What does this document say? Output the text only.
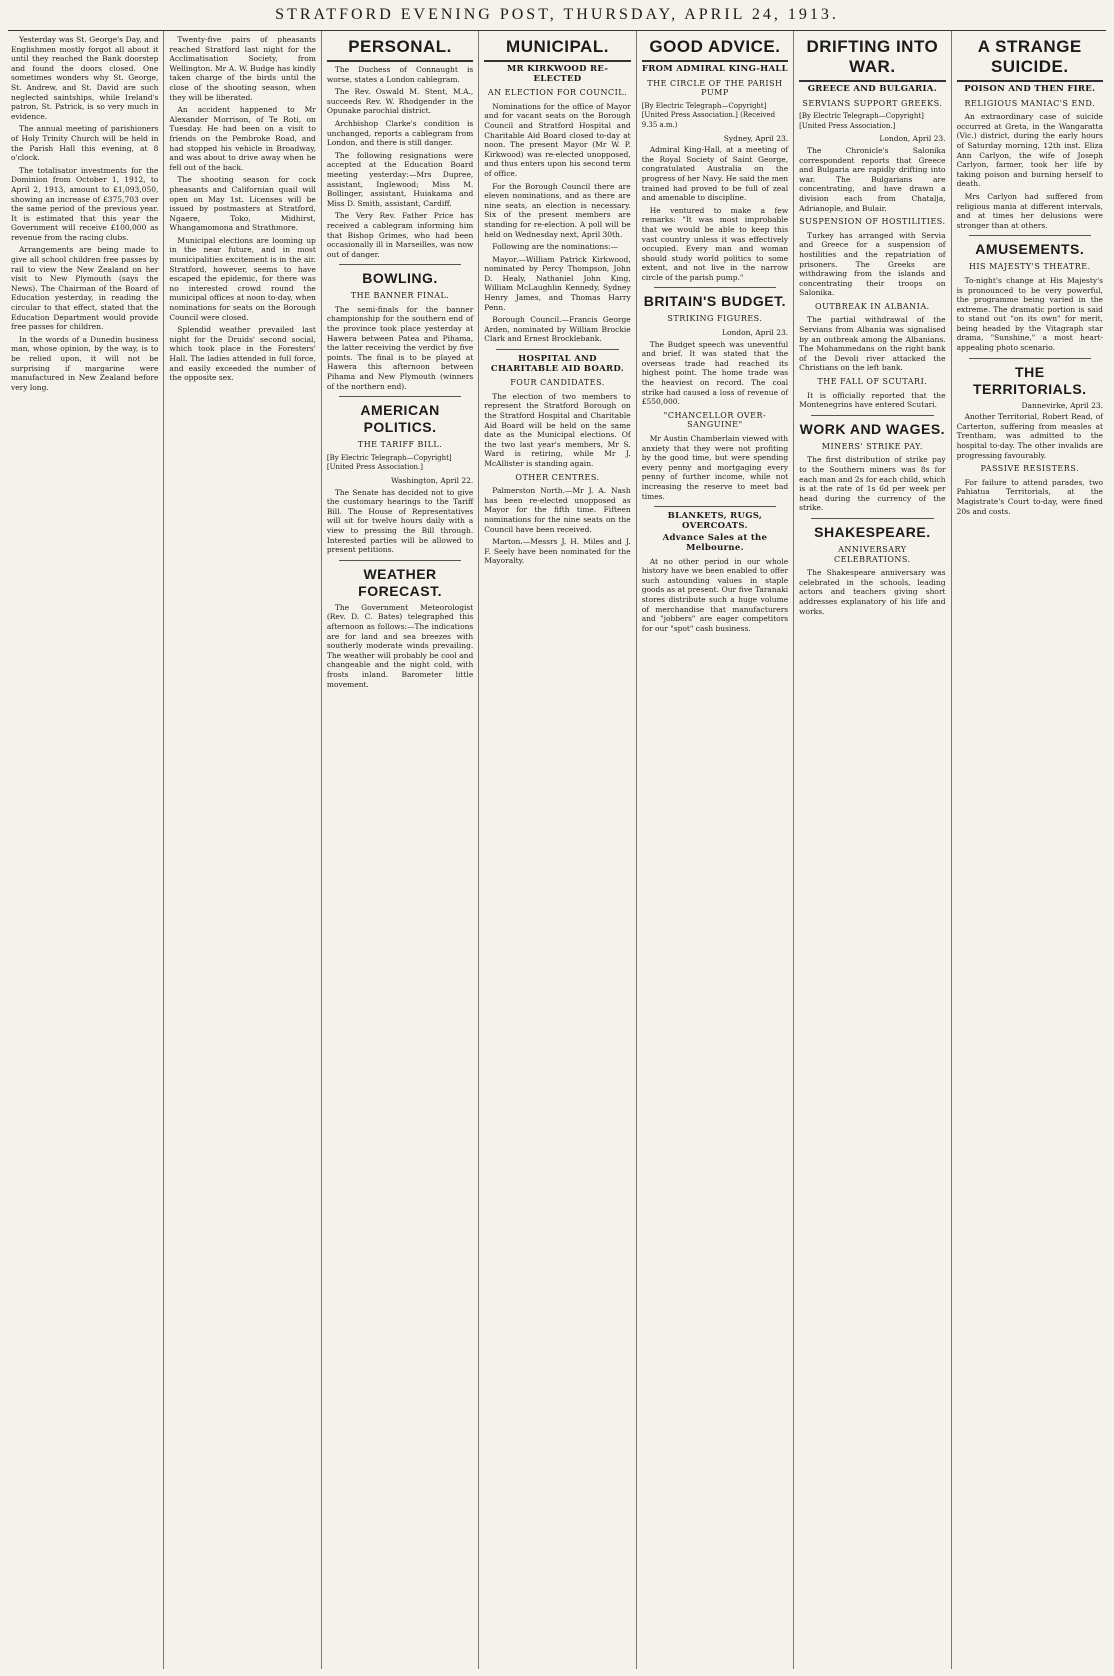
STRATFORD EVENING POST, THURSDAY, APRIL 24, 1913.

Yesterday was St. George's Day, and Englishmen mostly forgot all about it until they reached the Bank doorstep and found the doors closed. One sometimes wonders why St. George, St. Andrew, and St. David are such neglected saintships, while Ireland's patron, St. Patrick, is so very much in evidence.

The annual meeting of parishioners of Holy Trinity Church will be held in the Parish Hall this evening, at 8 o'clock.

The totalisator investments for the Dominion from October 1, 1912, to April 2, 1913, amount to £1,093,050, showing an increase of £375,703 over the same period of the previous year. It is estimated that this year the Government will receive £100,000 as revenue from the racing clubs.

Arrangements are being made to give all school children free passes by rail to view the New Zealand on her visit to New Plymouth (says the News). The Chairman of the Board of Education yesterday, in reading the circular to that effect, stated that the Education Department would provide free passes for children.

In the words of a Dunedin business man, whose opinion, by the way, is to be relied upon, it will not be surprising if margarine were manufactured in New Zealand before very long.

Twenty-five pairs of pheasants reached Stratford last night for the Acclimatisation Society, from Wellington. Mr A. W. Budge has kindly taken charge of the birds until the close of the shooting season, when they will be liberated.

An accident happened to Mr Alexander Morrison, of Te Roti, on Tuesday. He had been on a visit to friends on the Pembroke Road, and had stopped his vehicle in Broadway, and was about to drive away when he fell out of the back.

The shooting season for cock pheasants and Californian quail will open on May 1st. Licenses will be issued by postmasters at Stratford, Ngaere, Toko, Midhirst, Whangamomona and Strathmore.

Municipal elections are looming up in the near future, and in most municipalities excitement is in the air. Stratford, however, seems to have escaped the epidemic, for there was no interested crowd round the municipal offices at noon to-day, when nominations for seats on the Borough Council were closed.

Splendid weather prevailed last night for the Druids' second social, which took place in the Foresters' Hall. The ladies attended in full force, and easily exceeded the number of the opposite sex.

PERSONAL.

The Duchess of Connaught is worse, states a London cablegram.

The Rev. Oswald M. Stent, M.A., succeeds Rev. W. Rhodgender in the Opunake parochial district.

Archbishop Clarke's condition is unchanged, reports a cablegram from London, and there is still danger.

The following resignations were accepted at the Education Board meeting yesterday:—Mrs Dupree, assistant, Inglewood; Miss M. Bollinger, assistant, Huiakama and Miss D. Smith, assistant, Cardiff.

The Very Rev. Father Price has received a cablegram informing him that Bishop Grimes, who had been occasionally ill in Marseilles, was now out of danger.

BOWLING.
THE BANNER FINAL.

The semi-finals for the banner championship for the southern end of the province took place yesterday at Hawera between Patea and Pihama, the latter receiving the verdict by five points. The final is to be played at Hawera this afternoon between Pihama and New Plymouth (winners of the northern end).

AMERICAN POLITICS.
THE TARIFF BILL.

[By Electric Telegraph—Copyright] [United Press Association.]

Washington, April 22.

The Senate has decided not to give the customary hearings to the Tariff Bill. The House of Representatives will sit for twelve hours daily with a view to pressing the Bill through. Interested parties will be allowed to present petitions.

WEATHER FORECAST.

The Government Meteorologist (Rev. D. C. Bates) telegraphed this afternoon as follows:—The indications are for land and sea breezes with southerly moderate winds prevailing. The weather will probably be cool and changeable and the night cold, with frosts inland. Barometer little movement.

MUNICIPAL.
MR KIRKWOOD RE-ELECTED
AN ELECTION FOR COUNCIL.

Nominations for the office of Mayor and for vacant seats on the Borough Council and Stratford Hospital and Charitable Aid Board closed to-day at noon. The present Mayor (Mr W. P. Kirkwood) was re-elected unopposed, and thus enters upon his second term of office.

For the Borough Council there are eleven nominations, and as there are nine seats, an election is necessary. Six of the present members are standing for re-election. A poll will be held on Wednesday next, April 30th.

Following are the nominations:—

Mayor.—William Patrick Kirkwood, nominated by Percy Thompson, John D. Healy, Nathaniel John King, William McLaughlin Kennedy, Sydney Henry James, and Thomas Harry Penn.

Borough Council.—Francis George Arden, nominated by William Brockie Clark and Ernest Brocklebank.

HOSPITAL AND CHARITABLE AID BOARD.
FOUR CANDIDATES.

The election of two members to represent the Stratford Borough on the Stratford Hospital and Charitable Aid Board will be held on the same date as the Municipal elections. Of the two last year's members, Mr S. Ward is retiring, while Mr J. McAllister is standing again.

OTHER CENTRES.

Palmerston North.—Mr J. A. Nash has been re-elected unopposed as Mayor for the fifth time. Fifteen nominations for the nine seats on the Council have been received.

Marton.—Messrs J. H. Miles and J. F. Seely have been nominated for the Mayoralty.

GOOD ADVICE.
FROM ADMIRAL KING-HALL
THE CIRCLE OF THE PARISH PUMP

[By Electric Telegraph—Copyright] [United Press Association.] (Received 9.35 a.m.)

Sydney, April 23.

Admiral King-Hall, at a meeting of the Royal Society of Saint George, congratulated Australia on the progress of her Navy. He said the men trained had proved to be full of zeal and amenable to discipline.

He ventured to make a few remarks: "It was most improbable that we would be able to keep this vast country unless it was effectively occupied. Every man and woman should study world politics to some extent, and not live in the narrow circle of the parish pump."

BRITAIN'S BUDGET.
STRIKING FIGURES.
London, April 23.

The Budget speech was uneventful and brief. It was stated that the overseas trade had reached its highest point. The home trade was the heaviest on record. The coal strike had caused a loss of revenue of £550,000.

"CHANCELLOR OVER-SANGUINE"

Mr Austin Chamberlain viewed with anxiety that they were not profiting by the good time, but were spending every penny and mortgaging every penny of further income, while not increasing the reserve to meet bad times.

BLANKETS, RUGS, OVERCOATS.
Advance Sales at the Melbourne.

At no other period in our whole history have we been enabled to offer such astounding values in staple goods as at present. Our five Taranaki stores distribute such a huge volume of merchandise that manufacturers and "jobbers" are eager competitors for our "spot" cash business.

DRIFTING INTO WAR.
GREECE AND BULGARIA.
SERVIANS SUPPORT GREEKS.

[By Electric Telegraph—Copyright] [United Press Association.]

London, April 23.

The Chronicle's Salonika correspondent reports that Greece and Bulgaria are rapidly drifting into war. The Bulgarians are concentrating, and have drawn a division each from Chatalja, Adrianople, and Bulair.

SUSPENSION OF HOSTILITIES.

Turkey has arranged with Servia and Greece for a suspension of hostilities and the repatriation of prisoners. The Greeks are withdrawing from the islands and concentrating their troops on Salonika.

OUTBREAK IN ALBANIA.

The partial withdrawal of the Servians from Albania was signalised by an outbreak among the Albanians. The Mohammedans on the right bank of the Devoli river attacked the Christians on the left bank.

THE FALL OF SCUTARI.

It is officially reported that the Montenegrins have entered Scutari.

WORK AND WAGES.
MINERS' STRIKE PAY.

The first distribution of strike pay to the Southern miners was 8s for each man and 2s for each child, which is at the rate of 1s 6d per week per head during the currency of the strike.

SHAKESPEARE.
ANNIVERSARY CELEBRATIONS.

The Shakespeare anniversary was celebrated in the schools, leading actors and teachers giving short addresses explanatory of his life and works.

A STRANGE SUICIDE.
POISON AND THEN FIRE.
RELIGIOUS MANIAC'S END.

An extraordinary case of suicide occurred at Greta, in the Wangaratta (Vic.) district, during the early hours of Saturday morning, 12th inst. Eliza Ann Carlyon, the wife of Joseph Carlyon, farmer, took her life by taking poison and burning herself to death.

Mrs Carlyon had suffered from religious mania at different intervals, and at times her delusions were stronger than at others.

AMUSEMENTS.
HIS MAJESTY'S THEATRE.

To-night's change at His Majesty's is pronounced to be very powerful, the programme being varied in the extreme. The dramatic portion is said to stand out "on its own" for merit, being headed by the Vitagraph star drama, "Sunshine," a most heart-appealing photo scenario.

THE TERRITORIALS.
Dannevirke, April 23.

Another Territorial, Robert Read, of Carterton, suffering from measles at Trentham, was admitted to the hospital to-day. The other invalids are progressing favourably.

PASSIVE RESISTERS.

For failure to attend parades, two Pahiatua Territorials, at the Magistrate's Court to-day, were fined 20s and costs.
